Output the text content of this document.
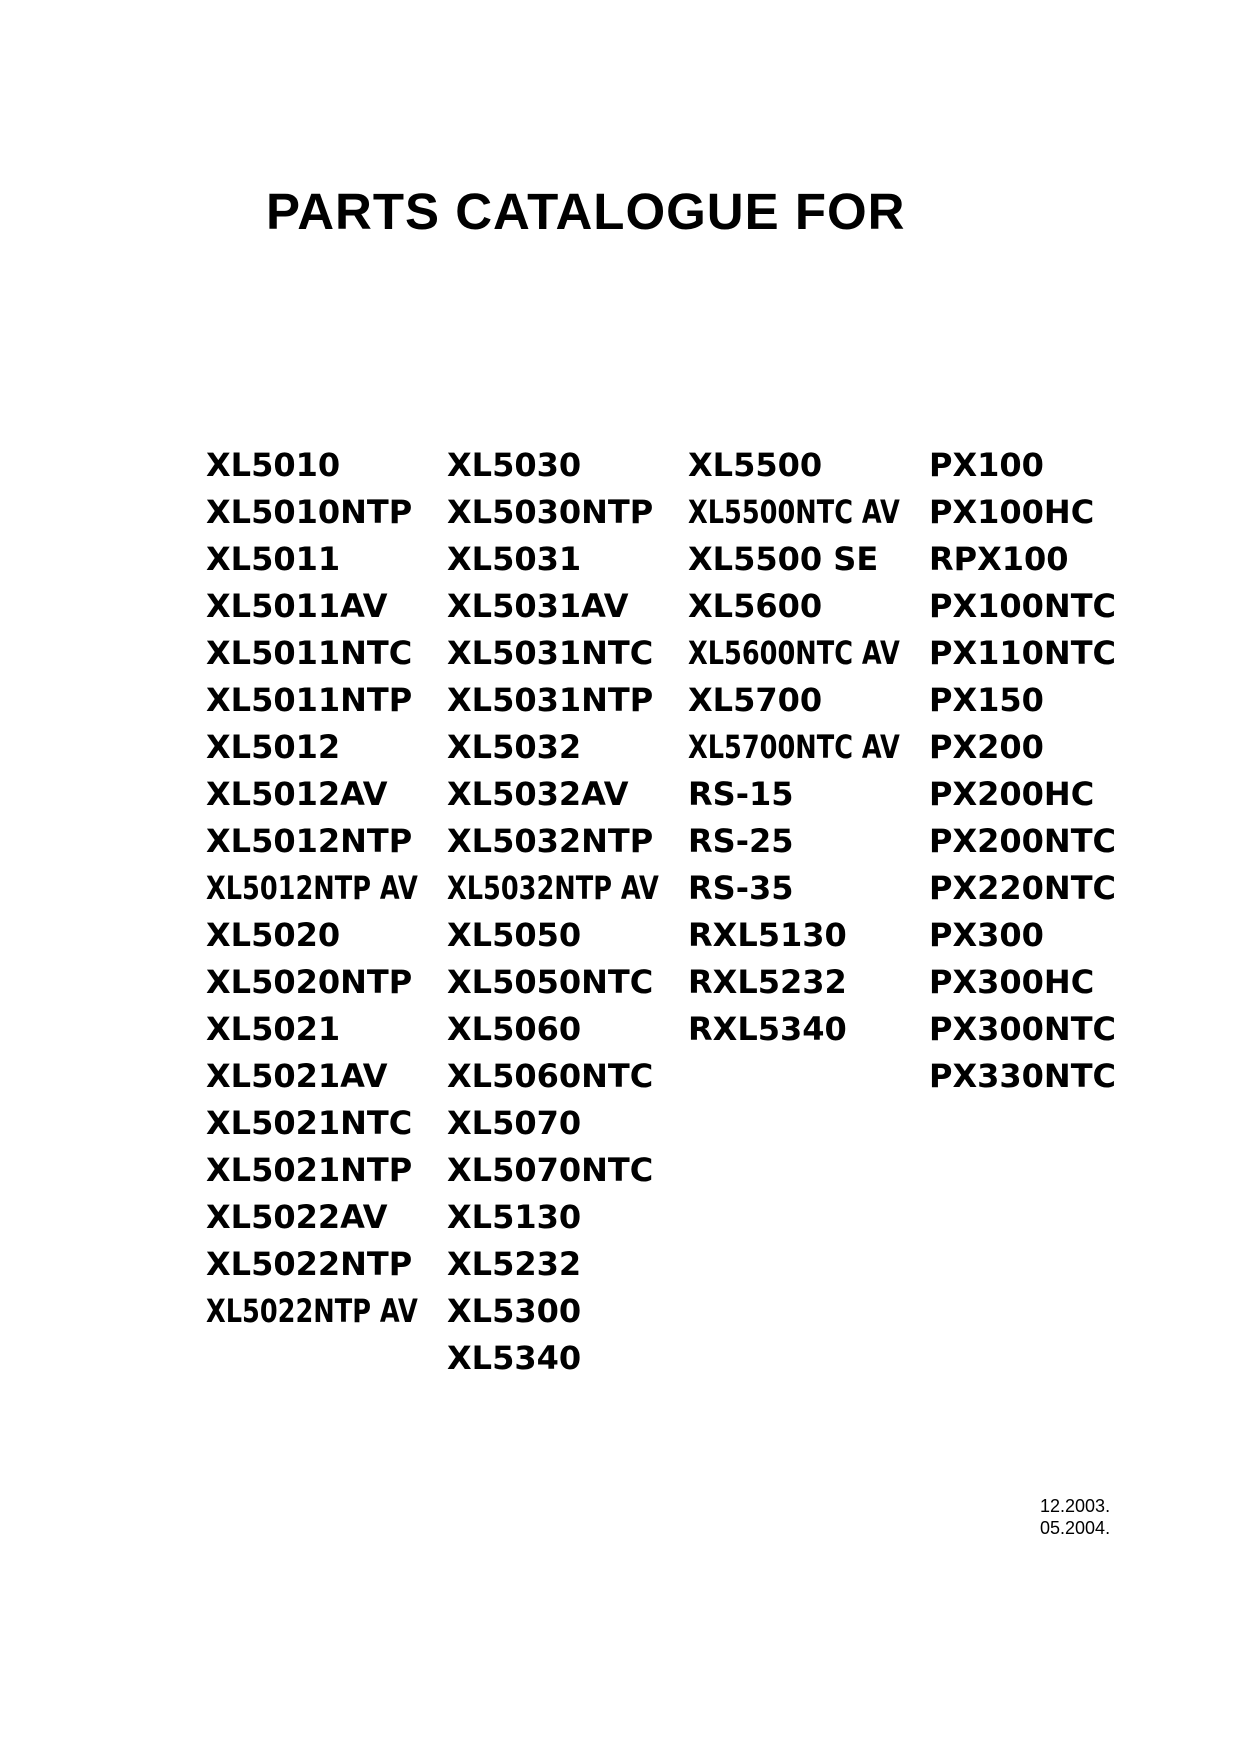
PARTS CATALOGUE FOR
XL5010
XL5010NTP
XL5011
XL5011AV
XL5011NTC
XL5011NTP
XL5012
XL5012AV
XL5012NTP
XL5012NTP AV
XL5020
XL5020NTP
XL5021
XL5021AV
XL5021NTC
XL5021NTP
XL5022AV
XL5022NTP
XL5022NTP AV
XL5030
XL5030NTP
XL5031
XL5031AV
XL5031NTC
XL5031NTP
XL5032
XL5032AV
XL5032NTP
XL5032NTP AV
XL5050
XL5050NTC
XL5060
XL5060NTC
XL5070
XL5070NTC
XL5130
XL5232
XL5300
XL5340
XL5500
XL5500NTC AV
XL5500 SE
XL5600
XL5600NTC AV
XL5700
XL5700NTC AV
RS-15
RS-25
RS-35
RXL5130
RXL5232
RXL5340
PX100
PX100HC
RPX100
PX100NTC
PX110NTC
PX150
PX200
PX200HC
PX200NTC
PX220NTC
PX300
PX300HC
PX300NTC
PX330NTC
12.2003.
05.2004.
